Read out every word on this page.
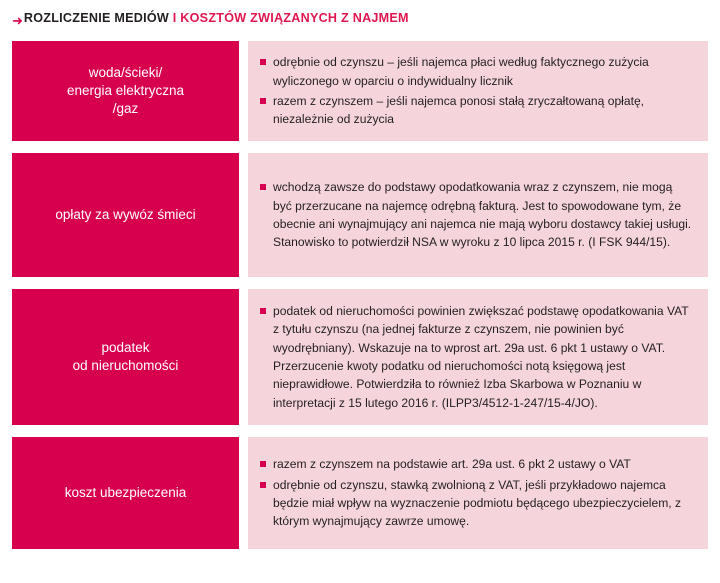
➜ ROZLICZENIE MEDIÓW I KOSZTÓW ZWIĄZANYCH Z NAJMEM
woda/ścieki/
energia elektryczna
/gaz
odrębnie od czynszu – jeśli najemca płaci według faktycznego zużycia wyliczonego w oparciu o indywidualny licznik
razem z czynszem – jeśli najemca ponosi stałą zryczałtowaną opłatę, niezależnie od zużycia
opłaty za wywóz śmieci
wchodzą zawsze do podstawy opodatkowania wraz z czynszem, nie mogą być przerzucane na najemcę odrębną fakturą. Jest to spowodowane tym, że obecnie ani wynajmujący ani najemca nie mają wyboru dostawcy takiej usługi. Stanowisko to potwierdził NSA w wyroku z 10 lipca 2015 r. (I FSK 944/15).
podatek
od nieruchomości
podatek od nieruchomości powinien zwiększać podstawę opodatkowania VAT z tytułu czynszu (na jednej fakturze z czynszem, nie powinien być wyodrębniany). Wskazuje na to wprost art. 29a ust. 6 pkt 1 ustawy o VAT. Przerzucenie kwoty podatku od nieruchomości notą księgową jest nieprawidłowe. Potwierdziła to również Izba Skarbowa w Poznaniu w interpretacji z 15 lutego 2016 r. (ILPP3/4512-1-247/15-4/JO).
koszt ubezpieczenia
razem z czynszem na podstawie art. 29a ust. 6 pkt 2 ustawy o VAT
odrębnie od czynszu, stawką zwolnioną z VAT, jeśli przykładowo najemca będzie miał wpływ na wyznaczenie podmiotu będącego ubezpieczycielem, z którym wynajmujący zawrze umowę.
